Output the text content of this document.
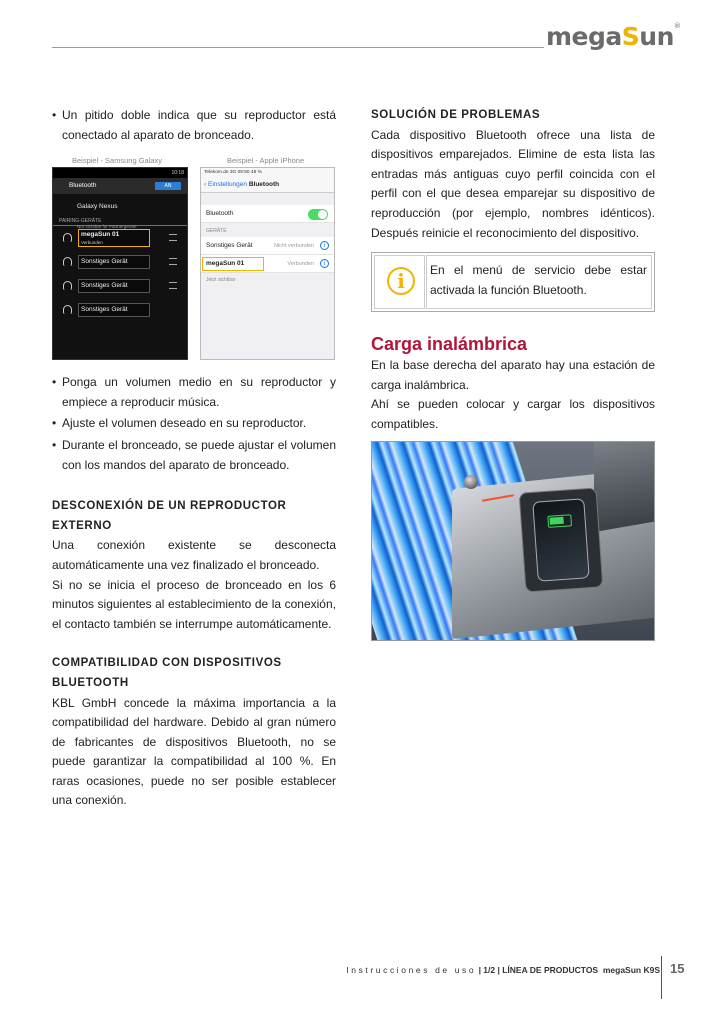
megaSun®

• Un pitido doble indica que su reproductor está conectado al aparato de bronceado.

Beispiel - Samsung Galaxy	Beispiel - Apple iPhone
10:18
Bluetooth	AN
Galaxy Nexus
Nur sichtbar für Partnergeräte
PAIRING-GERÄTE
megaSun 01
Verbunden
Sonstiges Gerät
Sonstiges Gerät
Sonstiges Gerät
Telekom.de 3G 09:50 48 %
‹ Einstellungen Bluetooth
Bluetooth
GERÄTE
Sonstiges Gerät	Nicht verbunden	i
megaSun 01	Verbunden	i
Jetzt sichtbar

• Ponga un volumen medio en su reproductor y empiece a reproducir música.

• Ajuste el volumen deseado en su reproductor.

• Durante el bronceado, se puede ajustar el volumen con los mandos del aparato de bronceado.

DESCONEXIÓN DE UN REPRODUCTOR EXTERNO

Una conexión existente se desconecta automáticamente una vez finalizado el bronceado.

Si no se inicia el proceso de bronceado en los 6 minutos siguientes al establecimiento de la conexión, el contacto también se interrumpe automáticamente.

COMPATIBILIDAD CON DISPOSITIVOS BLUETOOTH

KBL GmbH concede la máxima importancia a la compatibilidad del hardware. Debido al gran número de fabricantes de dispositivos Bluetooth, no se puede garantizar la compatibilidad al 100 %. En raras ocasiones, puede no ser posible establecer una conexión.

SOLUCIÓN DE PROBLEMAS

Cada dispositivo Bluetooth ofrece una lista de dispositivos emparejados. Elimine de esta lista las entradas más antiguas cuyo perfil coincida con el perfil con el que desea emparejar su dispositivo de reproducción (por ejemplo, nombres idénticos). Después reinicie el reconocimiento del dispositivo.

i	En el menú de servicio debe estar activada la función Bluetooth.
Carga inalámbrica

En la base derecha del aparato hay una estación de carga inalámbrica.

Ahí se pueden colocar y cargar los dispositivos compatibles.

Instrucciones de uso | 1/2 | LÍNEA DE PRODUCTOS megaSun K9S 15
